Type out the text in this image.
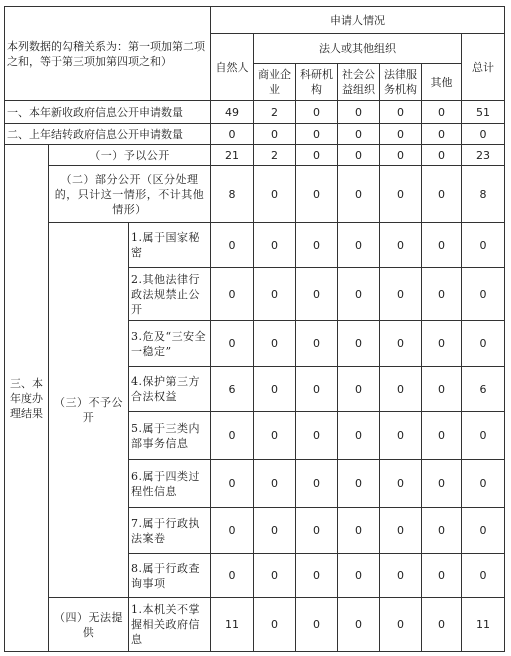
本列数据的勾稽关系为：第一项加第二项之和，等于第三项加第四项之和）			申请人情况						
			自然人	法人或其他组织					总计
				商业企业	科研机构	社会公益组织	法律服务机构	其他	
一、本年新收政府信息公开申请数量			49	2	0	0	0	0	51
二、上年结转政府信息公开申请数量			0	0	0	0	0	0	0
三、本年度办理结果	（一）予以公开		21	2	0	0	0	0	23
	（二）部分公开（区分处理的，只计这一情形，不计其他情形）		8	0	0	0	0	0	8
	（三）不予公开	1.属于国家秘密	0	0	0	0	0	0	0
		2.其他法律行政法规禁止公开	0	0	0	0	0	0	0
		3.危及“三安全一稳定”	0	0	0	0	0	0	0
		4.保护第三方合法权益	6	0	0	0	0	0	6
		5.属于三类内部事务信息	0	0	0	0	0	0	0
		6.属于四类过程性信息	0	0	0	0	0	0	0
		7.属于行政执法案卷	0	0	0	0	0	0	0
		8.属于行政查询事项	0	0	0	0	0	0	0
	（四）无法提供	1.本机关不掌握相关政府信息	11	0	0	0	0	0	11
